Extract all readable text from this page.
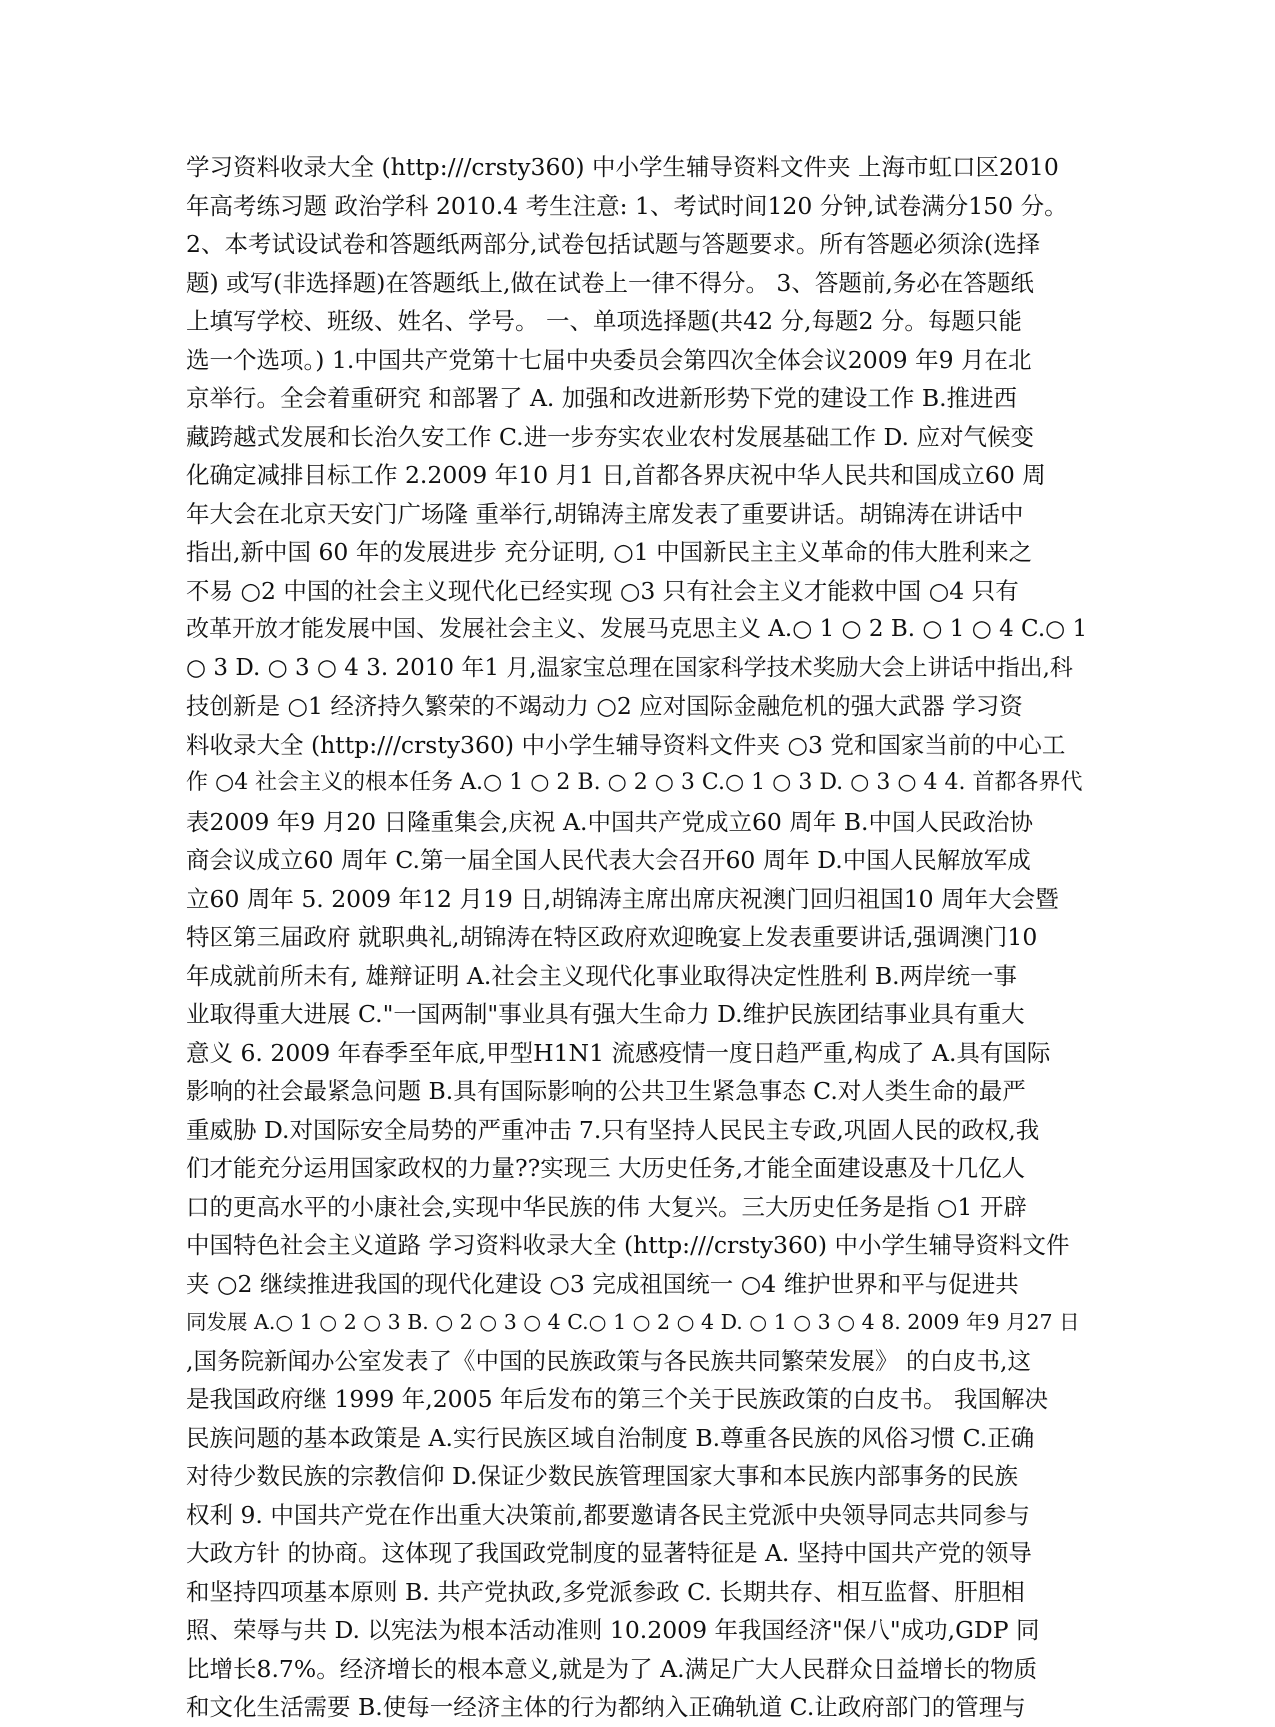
学习资料收录大全 (http:///crsty360) 中小学生辅导资料文件夹 上海市虹口区2010
年高考练习题 政治学科 2010.4 考生注意: 1、考试时间120 分钟,试卷满分150 分。
2、本考试设试卷和答题纸两部分,试卷包括试题与答题要求。所有答题必须涂(选择
题) 或写(非选择题)在答题纸上,做在试卷上一律不得分。 3、答题前,务必在答题纸
上填写学校、班级、姓名、学号。 一、单项选择题(共42 分,每题2 分。每题只能
选一个选项。) 1.中国共产党第十七届中央委员会第四次全体会议2009 年9 月在北
京举行。全会着重研究 和部署了 A. 加强和改进新形势下党的建设工作 B.推进西
藏跨越式发展和长治久安工作 C.进一步夯实农业农村发展基础工作 D. 应对气候变
化确定减排目标工作 2.2009 年10 月1 日,首都各界庆祝中华人民共和国成立60 周
年大会在北京天安门广场隆 重举行,胡锦涛主席发表了重要讲话。胡锦涛在讲话中
指出,新中国 60 年的发展进步 充分证明, ○1 中国新民主主义革命的伟大胜利来之
不易 ○2 中国的社会主义现代化已经实现 ○3 只有社会主义才能救中国 ○4 只有
改革开放才能发展中国、发展社会主义、发展马克思主义 A.○ 1 ○ 2 B. ○ 1 ○ 4 C.○ 1
○ 3 D. ○ 3 ○ 4 3. 2010 年1 月,温家宝总理在国家科学技术奖励大会上讲话中指出,科
技创新是 ○1 经济持久繁荣的不竭动力 ○2 应对国际金融危机的强大武器 学习资
料收录大全 (http:///crsty360) 中小学生辅导资料文件夹 ○3 党和国家当前的中心工
作 ○4 社会主义的根本任务 A.○ 1 ○ 2 B. ○ 2 ○ 3 C.○ 1 ○ 3 D. ○ 3 ○ 4 4. 首都各界代
表2009 年9 月20 日隆重集会,庆祝 A.中国共产党成立60 周年 B.中国人民政治协
商会议成立60 周年 C.第一届全国人民代表大会召开60 周年 D.中国人民解放军成
立60 周年 5. 2009 年12 月19 日,胡锦涛主席出席庆祝澳门回归祖国10 周年大会暨
特区第三届政府 就职典礼,胡锦涛在特区政府欢迎晚宴上发表重要讲话,强调澳门10
年成就前所未有, 雄辩证明 A.社会主义现代化事业取得决定性胜利 B.两岸统一事
业取得重大进展 C."一国两制"事业具有强大生命力 D.维护民族团结事业具有重大
意义 6. 2009 年春季至年底,甲型H1N1 流感疫情一度日趋严重,构成了 A.具有国际
影响的社会最紧急问题 B.具有国际影响的公共卫生紧急事态 C.对人类生命的最严
重威胁 D.对国际安全局势的严重冲击 7.只有坚持人民民主专政,巩固人民的政权,我
们才能充分运用国家政权的力量??实现三 大历史任务,才能全面建设惠及十几亿人
口的更高水平的小康社会,实现中华民族的伟 大复兴。三大历史任务是指 ○1 开辟
中国特色社会主义道路 学习资料收录大全 (http:///crsty360) 中小学生辅导资料文件
夹 ○2 继续推进我国的现代化建设 ○3 完成祖国统一 ○4 维护世界和平与促进共
同发展 A.○ 1 ○ 2 ○ 3 B. ○ 2 ○ 3 ○ 4 C.○ 1 ○ 2 ○ 4 D. ○ 1 ○ 3 ○ 4 8. 2009 年9 月27 日
,国务院新闻办公室发表了《中国的民族政策与各民族共同繁荣发展》 的白皮书,这
是我国政府继 1999 年,2005 年后发布的第三个关于民族政策的白皮书。 我国解决
民族问题的基本政策是 A.实行民族区域自治制度 B.尊重各民族的风俗习惯 C.正确
对待少数民族的宗教信仰 D.保证少数民族管理国家大事和本民族内部事务的民族
权利 9. 中国共产党在作出重大决策前,都要邀请各民主党派中央领导同志共同参与
大政方针 的协商。这体现了我国政党制度的显著特征是 A. 坚持中国共产党的领导
和坚持四项基本原则 B. 共产党执政,多党派参政 C. 长期共存、相互监督、肝胆相
照、荣辱与共 D. 以宪法为根本活动准则 10.2009 年我国经济"保八"成功,GDP 同
比增长8.7%。经济增长的根本意义,就是为了 A.满足广大人民群众日益增长的物质
和文化生活需要 B.使每一经济主体的行为都纳入正确轨道 C.让政府部门的管理与
